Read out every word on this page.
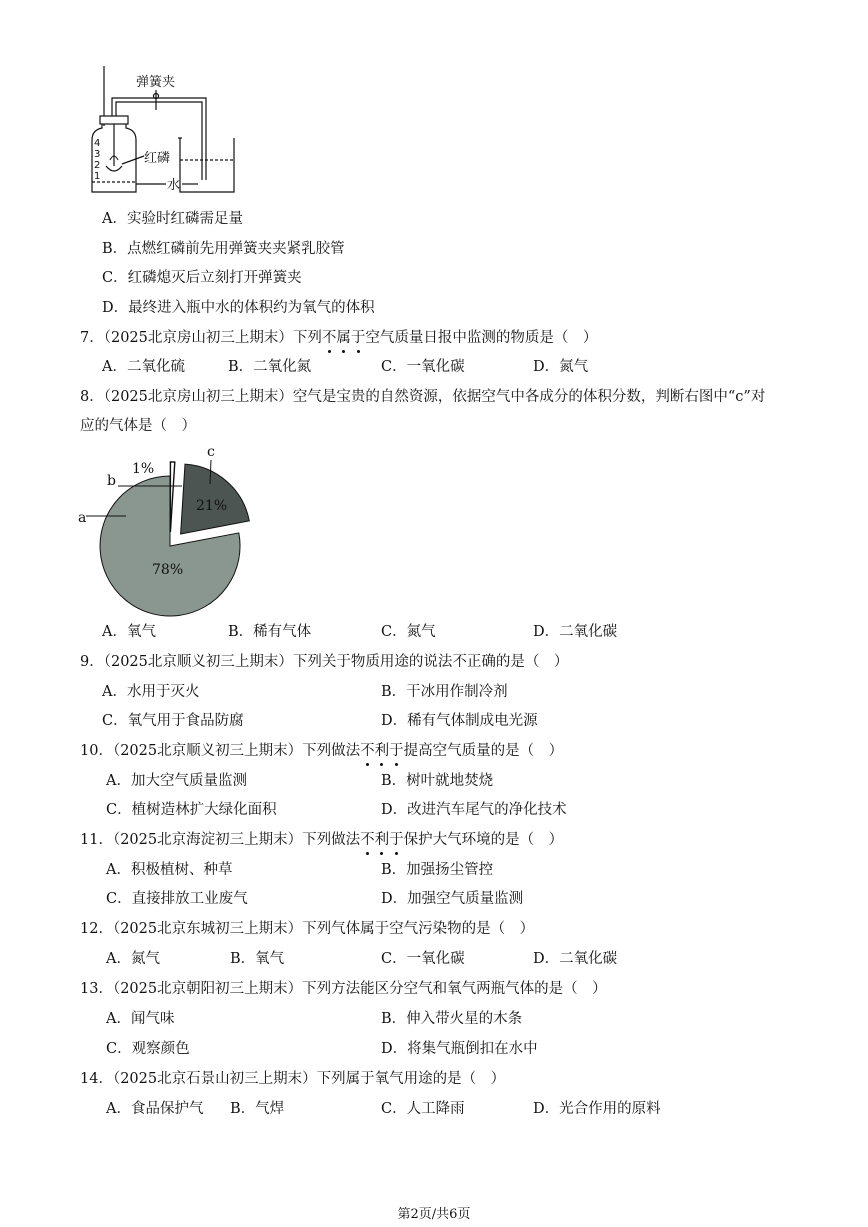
4
3
2
1
弹簧夹
红磷
水
A．实验时红磷需足量
B．点燃红磷前先用弹簧夹夹紧乳胶管
C．红磷熄灭后立刻打开弹簧夹
D．最终进入瓶中水的体积约为氧气的体积
7．（2025北京房山初三上期末）下列不属于空气质量日报中监测的物质是（　）
A．二氧化硫	B．二氧化氮	C．一氧化碳	D．氮气
8．（2025北京房山初三上期末）空气是宝贵的自然资源，依据空气中各成分的体积分数，判断右图中“c”对
应的气体是（　）
a
b
c
1%
78%
21%
A．氧气	B．稀有气体	C．氮气	D．二氧化碳
9．（2025北京顺义初三上期末）下列关于物质用途的说法不正确的是（　）
A．水用于灭火	B．干冰用作制冷剂
C．氧气用于食品防腐	D．稀有气体制成电光源
10．（2025北京顺义初三上期末）下列做法不利于提高空气质量的是（　）
A．加大空气质量监测	B．树叶就地焚烧
C．植树造林扩大绿化面积	D．改进汽车尾气的净化技术
11．（2025北京海淀初三上期末）下列做法不利于保护大气环境的是（　）
A．积极植树、种草	B．加强扬尘管控
C．直接排放工业废气	D．加强空气质量监测
12．（2025北京东城初三上期末）下列气体属于空气污染物的是（　）
A．氮气	B．氧气	C．一氧化碳	D．二氧化碳
13．（2025北京朝阳初三上期末）下列方法能区分空气和氧气两瓶气体的是（　）
A．闻气味	B．伸入带火星的木条
C．观察颜色	D．将集气瓶倒扣在水中
14．（2025北京石景山初三上期末）下列属于氧气用途的是（　）
A．食品保护气 B．气焊	C．人工降雨	D．光合作用的原料
第2页/共6页
